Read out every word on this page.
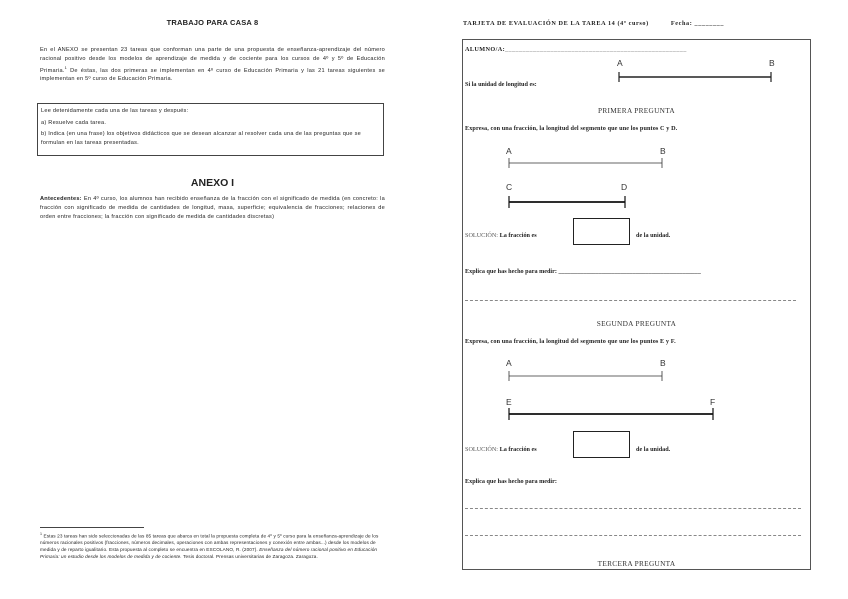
TRABAJO PARA CASA 8
En el ANEXO se presentan 23 tareas que conforman una parte de una propuesta de enseñanza-aprendizaje del número racional positivo desde los modelos de aprendizaje de medida y de cociente para los cursos de 4º y 5º de Educación Primaria.$^1$ De éstas, las dos primeras se implementan en 4º curso de Educación Primaria y las 21 tareas siguientes se implementan en 5º curso de Educación Primaria.

Lee detenidamente cada una de las tareas y después:

a) Resuelve cada tarea.

b) Indica (en una frase) los objetivos didácticos que se desean alcanzar al resolver cada una de las preguntas que se formulan en las tareas presentadas.

ANEXO I
Antecedentes: En 4º curso, los alumnos han recibido enseñanza de la fracción con el significado de medida (en concreto: la fracción con significado de medida de cantidades de longitud, masa, superficie; equivalencia de fracciones; relaciones de orden entre fracciones; la fracción con significado de medida de cantidades discretas)
$^1$ Estas 23 tareas han sido seleccionadas de las 85 tareas que abarca en total la propuesta completa de 4º y 5º curso para la enseñanza-aprendizaje de los números racionales positivos (fracciones, números decimales, operaciones con ambas representaciones y conexión entre ambas...) desde los modelos de medida y de reparto igualitario. Esta propuesta al completo se encuentra en ESCOLANO, R. (2007). Enseñanza del número racional positivo en Educación Primaria: un estudio desde los modelos de medida y de cociente. Tesis doctoral. Prensas universitarias de Zaragoza. Zaragoza.
TARJETA DE EVALUACIÓN DE LA TAREA 14 (4º curso)	Fecha: ________
ALUMNO/A:____________________________________________________
Si la unidad de longitud es:
A	B
PRIMERA PREGUNTA
Expresa, con una fracción, la longitud del segmento que une los puntos C y D.
A	B
C	D
SOLUCIÓN: La fracción es	de la unidad.
Explica que has hecho para medir: ______________________________________________
SEGUNDA PREGUNTA
Expresa, con una fracción, la longitud del segmento que une los puntos E y F.
A	B
E	F
SOLUCIÓN: La fracción es	de la unidad.
Explica que has hecho para medir:
TERCERA PREGUNTA
